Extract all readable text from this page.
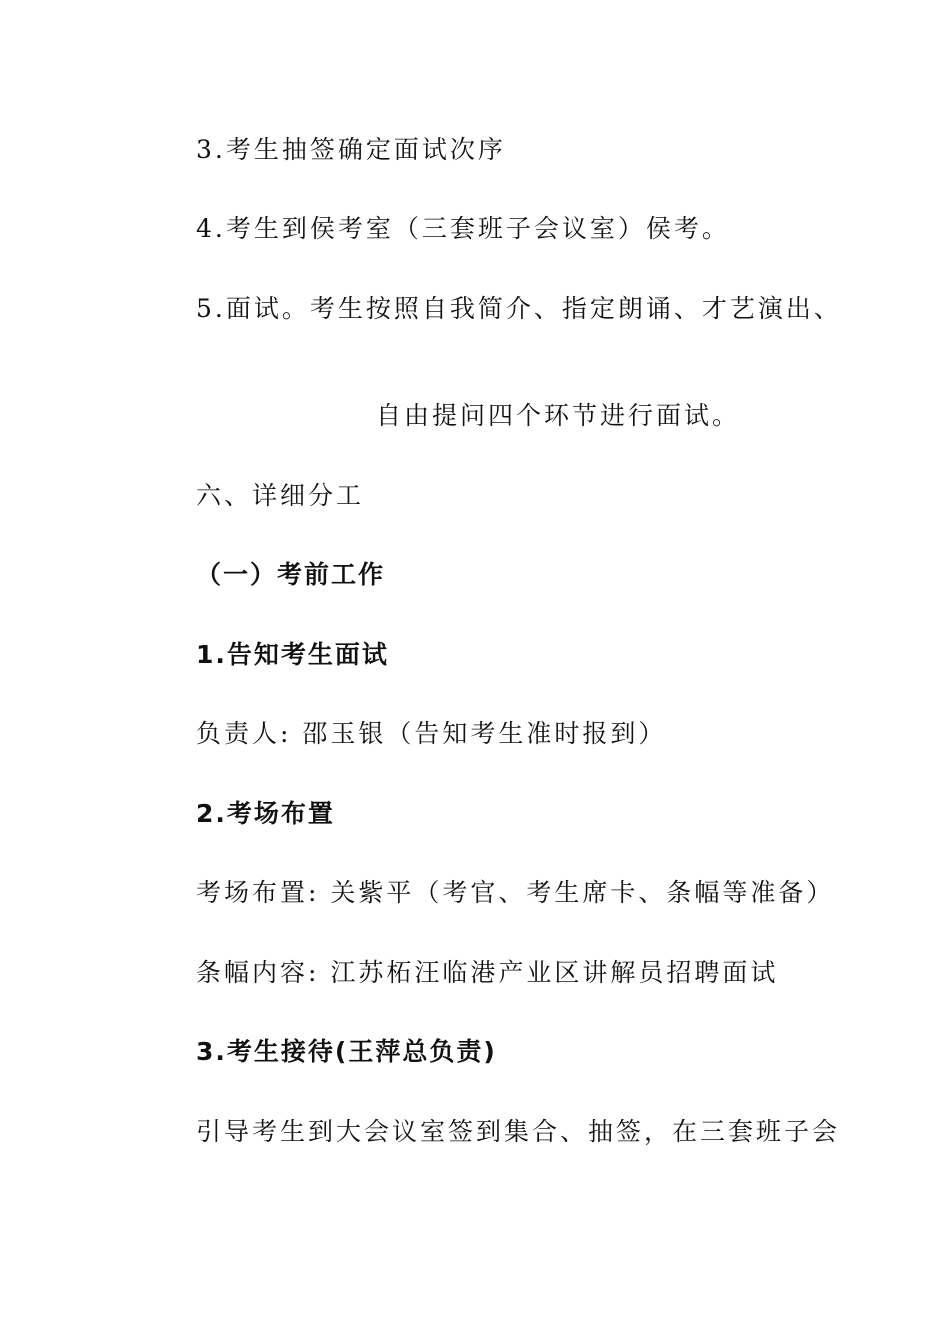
3.考生抽签确定面试次序
4.考生到侯考室（三套班子会议室）侯考。
5.面试。考生按照自我简介、指定朗诵、才艺演出、
自由提问四个环节进行面试。
六、详细分工
（一）考前工作
1.告知考生面试
负责人: 邵玉银（告知考生准时报到）
2.考场布置
考场布置: 关紫平（考官、考生席卡、条幅等准备）
条幅内容: 江苏柘汪临港产业区讲解员招聘面试
3.考生接待(王萍总负责)
引导考生到大会议室签到集合、抽签，在三套班子会
